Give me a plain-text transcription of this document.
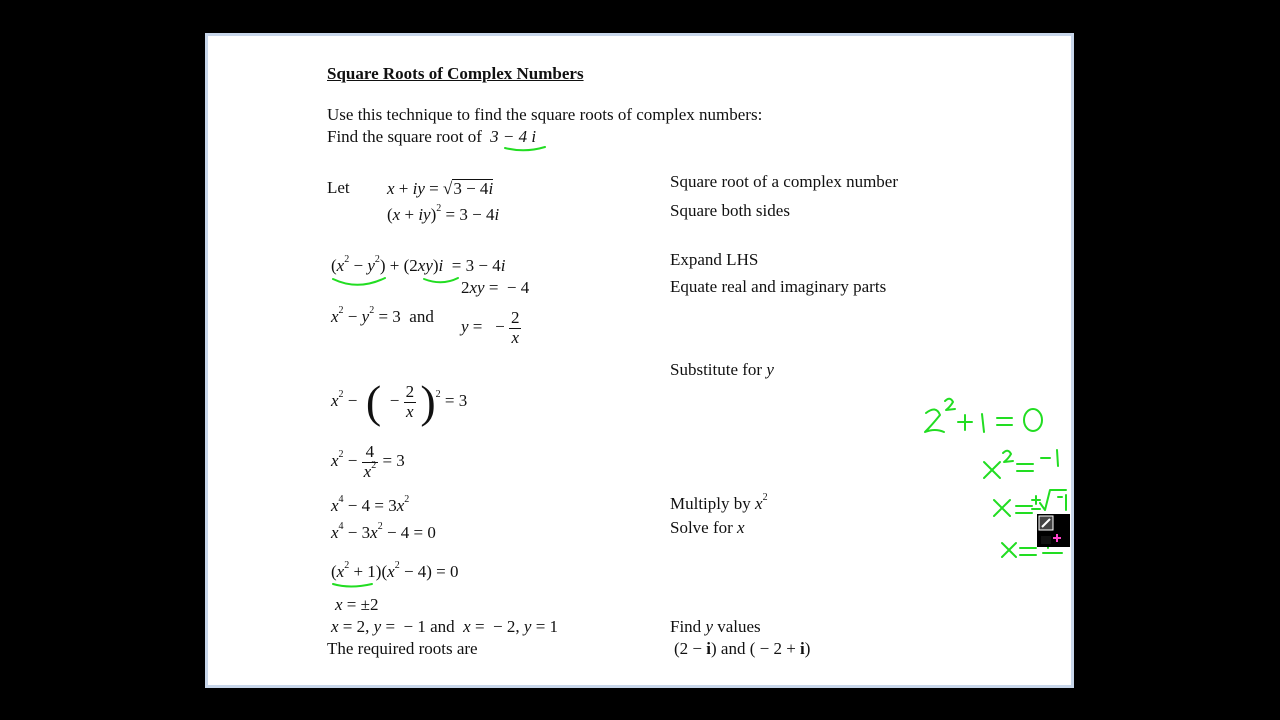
Square Roots of Complex Numbers
Use this technique to find the square roots of complex numbers:
Find the square root of 3 − 4 i
Let x + iy = √3 − 4i
(x + iy)$^2$ = 3 − 4i
$(x^2 - y^2) + (2xy)i = 3 - 4i$
2xy =  − 4
$x^2 - y^2 = 3$  and
y =   − $\frac{2}{x}$
$x^2$ −  (  − $\frac{2}{x} )^2 = 3$
$x^2 - \frac{4}{x^2} = 3$
$x^4 - 4 = 3x^2$
$x^4 - 3x^2 - 4 = 0$
$(x^2 + 1)(x^2 - 4) = 0$
x = ±2
x = 2, y =  − 1 and  x =  − 2, y = 1
The required roots are
Square root of a complex number
Square both sides
Expand LHS
Equate real and imaginary parts
Substitute for y
Multiply by $x^2$
Solve for x
Find y values
(2 − i) and ( − 2 + i)
